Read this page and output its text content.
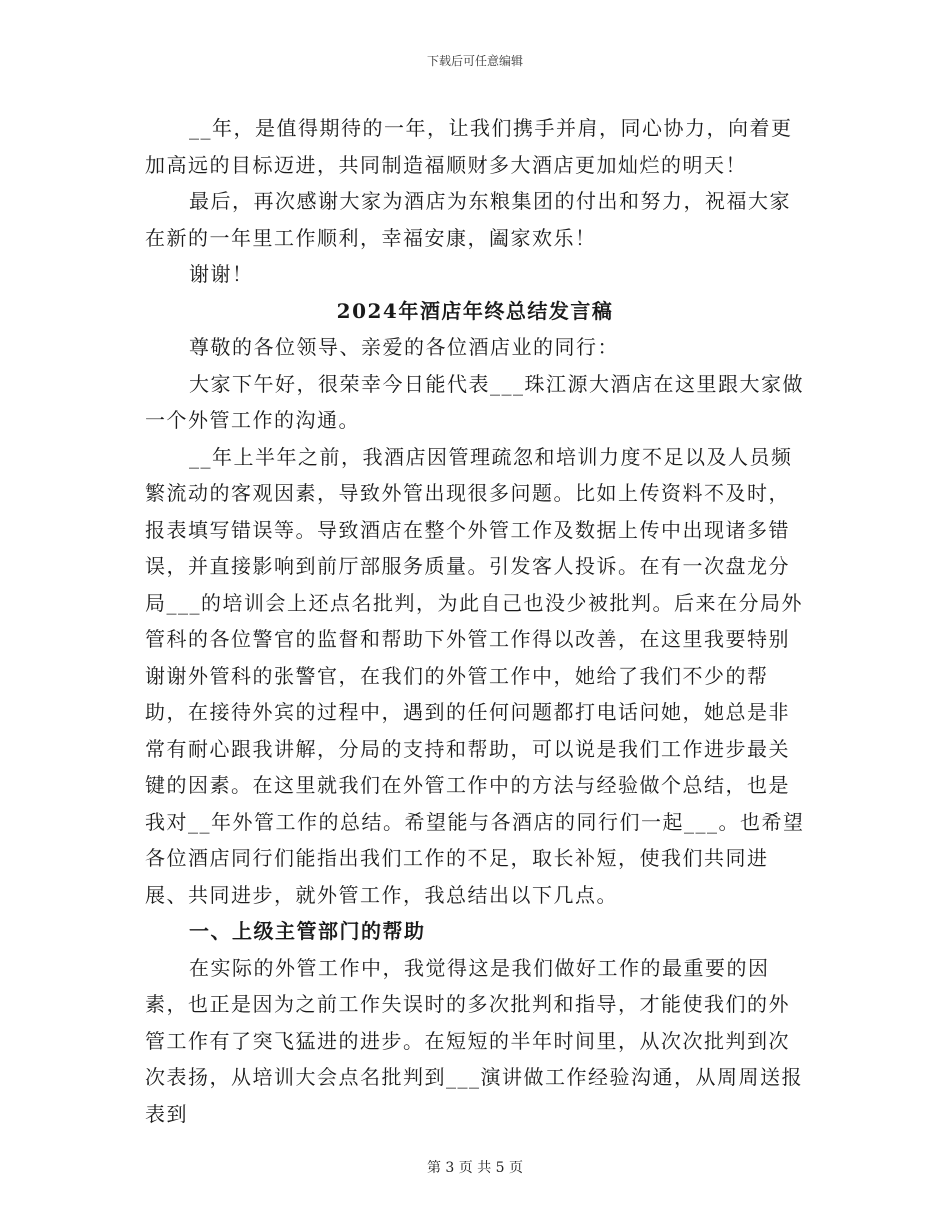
下载后可任意编辑

__年，是值得期待的一年，让我们携手并肩，同心协力，向着更加高远的目标迈进，共同制造福顺财多大酒店更加灿烂的明天！

最后，再次感谢大家为酒店为东粮集团的付出和努力，祝福大家在新的一年里工作顺利，幸福安康，阖家欢乐！

谢谢！

2024年酒店年终总结发言稿

尊敬的各位领导、亲爱的各位酒店业的同行：

大家下午好，很荣幸今日能代表___珠江源大酒店在这里跟大家做一个外管工作的沟通。

__年上半年之前，我酒店因管理疏忽和培训力度不足以及人员频繁流动的客观因素，导致外管出现很多问题。比如上传资料不及时，报表填写错误等。导致酒店在整个外管工作及数据上传中出现诸多错误，并直接影响到前厅部服务质量。引发客人投诉。在有一次盘龙分局___的培训会上还点名批判，为此自己也没少被批判。后来在分局外管科的各位警官的监督和帮助下外管工作得以改善，在这里我要特别谢谢外管科的张警官，在我们的外管工作中，她给了我们不少的帮助，在接待外宾的过程中，遇到的任何问题都打电话问她，她总是非常有耐心跟我讲解，分局的支持和帮助，可以说是我们工作进步最关键的因素。在这里就我们在外管工作中的方法与经验做个总结，也是我对__年外管工作的总结。希望能与各酒店的同行们一起___。也希望各位酒店同行们能指出我们工作的不足，取长补短，使我们共同进展、共同进步，就外管工作，我总结出以下几点。

一、上级主管部门的帮助

在实际的外管工作中，我觉得这是我们做好工作的最重要的因素，也正是因为之前工作失误时的多次批判和指导，才能使我们的外管工作有了突飞猛进的进步。在短短的半年时间里，从次次批判到次次表扬，从培训大会点名批判到___演讲做工作经验沟通，从周周送报表到

第 3 页 共 5 页
